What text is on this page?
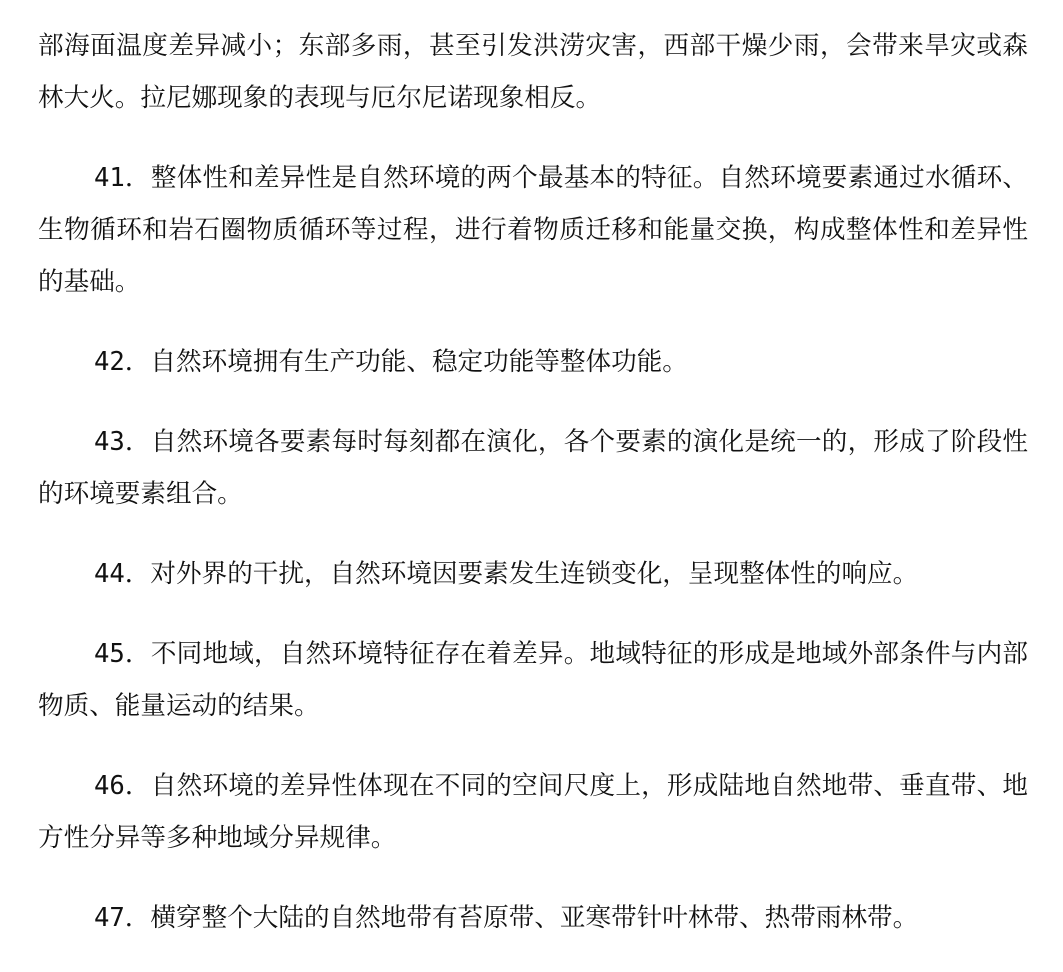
部海面温度差异减小；东部多雨，甚至引发洪涝灾害，西部干燥少雨，会带来旱灾或森林大火。拉尼娜现象的表现与厄尔尼诺现象相反。

41．整体性和差异性是自然环境的两个最基本的特征。自然环境要素通过水循环、生物循环和岩石圈物质循环等过程，进行着物质迁移和能量交换，构成整体性和差异性的基础。

42．自然环境拥有生产功能、稳定功能等整体功能。

43．自然环境各要素每时每刻都在演化，各个要素的演化是统一的，形成了阶段性的环境要素组合。

44．对外界的干扰，自然环境因要素发生连锁变化，呈现整体性的响应。

45．不同地域，自然环境特征存在着差异。地域特征的形成是地域外部条件与内部物质、能量运动的结果。

46．自然环境的差异性体现在不同的空间尺度上，形成陆地自然地带、垂直带、地方性分异等多种地域分异规律。

47．横穿整个大陆的自然地带有苔原带、亚寒带针叶林带、热带雨林带。
